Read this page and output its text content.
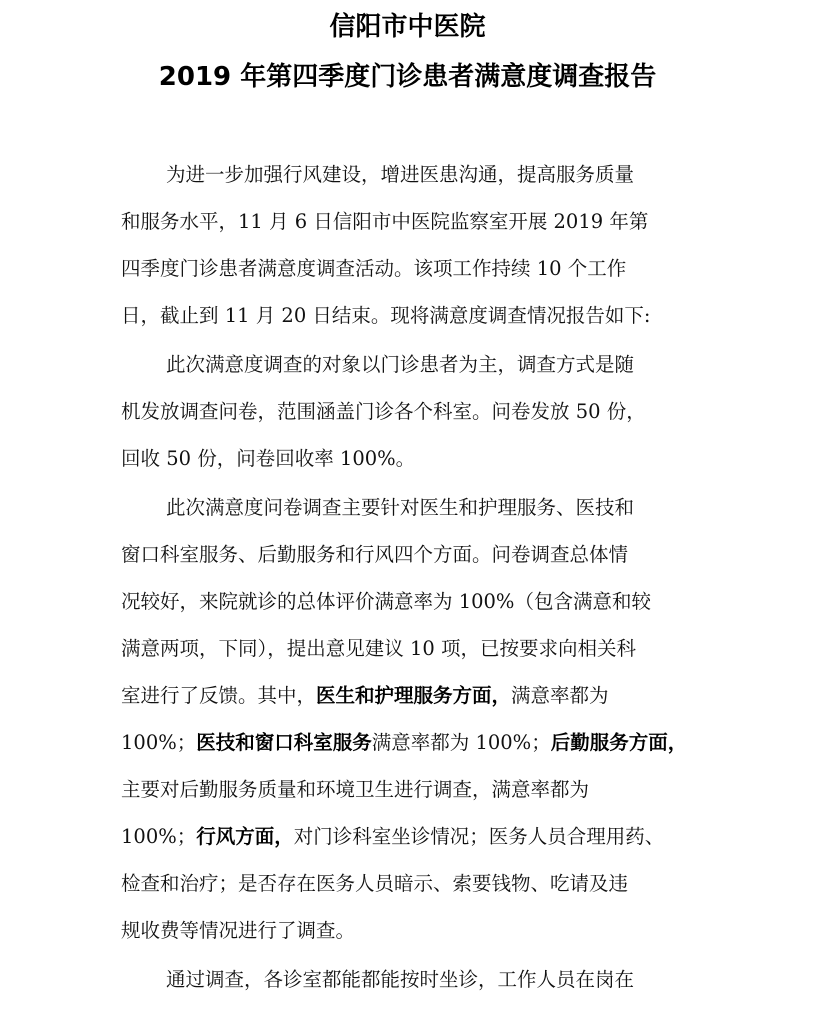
信阳市中医院
2019 年第四季度门诊患者满意度调查报告
为进一步加强行风建设，增进医患沟通，提高服务质量
和服务水平，11 月 6 日信阳市中医院监察室开展 2019 年第
四季度门诊患者满意度调查活动。该项工作持续 10 个工作
日，截止到 11 月 20 日结束。现将满意度调查情况报告如下:
此次满意度调查的对象以门诊患者为主，调查方式是随
机发放调查问卷，范围涵盖门诊各个科室。问卷发放 50 份，
回收 50 份，问卷回收率 100%。
此次满意度问卷调查主要针对医生和护理服务、医技和
窗口科室服务、后勤服务和行风四个方面。问卷调查总体情
况较好，来院就诊的总体评价满意率为 100%（包含满意和较
满意两项，下同），提出意见建议 10 项，已按要求向相关科
室进行了反馈。其中，医生和护理服务方面，满意率都为
100%；医技和窗口科室服务满意率都为 100%；后勤服务方面，
主要对后勤服务质量和环境卫生进行调查，满意率都为
100%；行风方面，对门诊科室坐诊情况；医务人员合理用药、
检查和治疗；是否存在医务人员暗示、索要钱物、吃请及违
规收费等情况进行了调查。
通过调查，各诊室都能都能按时坐诊，工作人员在岗在
